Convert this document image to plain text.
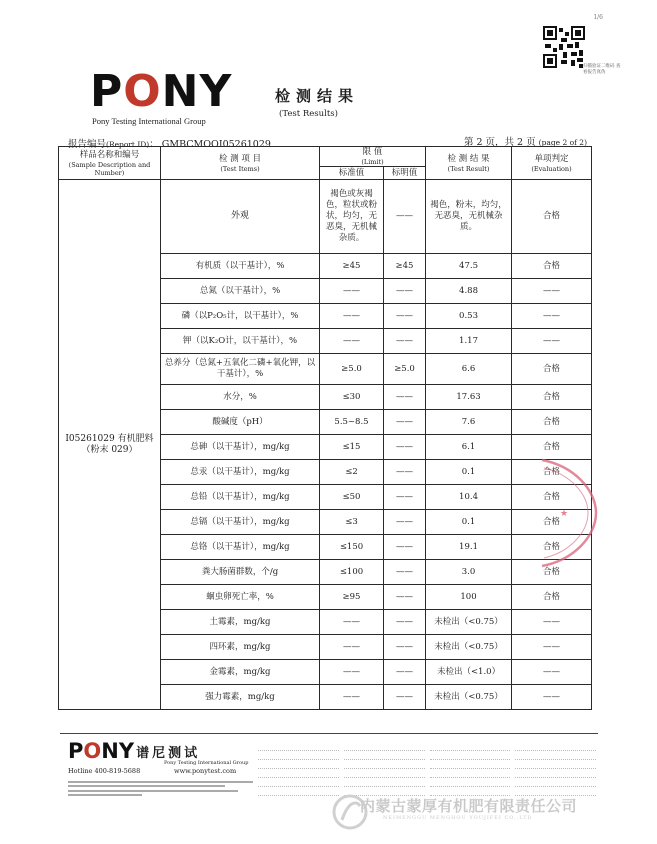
1/6
扫描验证二维码 查看报告真伪
PONY
Pony Testing International Group
检测结果
(Test Results)
报告编号(Report ID)： GMBCMOOI05261029	第 2 页，共 2 页 (page 2 of 2)
样品名称和编号
(Sample Description and Number)	检 测 项 目
(Test Items)	限 值
(Limit)		检 测 结 果
(Test Result)	单项判定
(Evaluation)

		标准值	标明值		
I05261029 有机肥料（粉末 029）	外观	褐色或灰褐色，粒状或粉状，均匀，无恶臭，无机械杂质。	——	褐色，粉末，均匀，无恶臭，无机械杂质。	合格
	有机质（以干基计），%	≥45	≥45	47.5	合格
	总氮（以干基计），%	——	——	4.88	——
	磷（以P₂O₅计，以干基计），%	——	——	0.53	——
	钾（以K₂O计，以干基计），%	——	——	1.17	——
	总养分（总氮+五氧化二磷+氧化钾，以干基计），%	≥5.0	≥5.0	6.6	合格
	水分，%	≤30	——	17.63	合格
	酸碱度（pH）	5.5~8.5	——	7.6	合格
	总砷（以干基计），mg/kg	≤15	——	6.1	合格
	总汞（以干基计），mg/kg	≤2	——	0.1	合格
	总铅（以干基计），mg/kg	≤50	——	10.4	合格
	总镉（以干基计），mg/kg	≤3	——	0.1	合格
	总铬（以干基计），mg/kg	≤150	——	19.1	合格
	粪大肠菌群数，个/g	≤100	——	3.0	合格
	蛔虫卵死亡率，%	≥95	——	100	合格
	土霉素，mg/kg	——	——	未检出（<0.75）	——
	四环素，mg/kg	——	——	未检出（<0.75）	——
	金霉素，mg/kg	——	——	未检出（<1.0）	——
	强力霉素，mg/kg	——	——	未检出（<0.75）	——
★
PONY 谱尼测试
Pony Testing International Group
Hotline 400-819-5688	www.ponytest.com
内蒙古蒙厚有机肥有限责任公司
NEIMENGGU MENGHOU YOUJIFEI CO.,LTD
